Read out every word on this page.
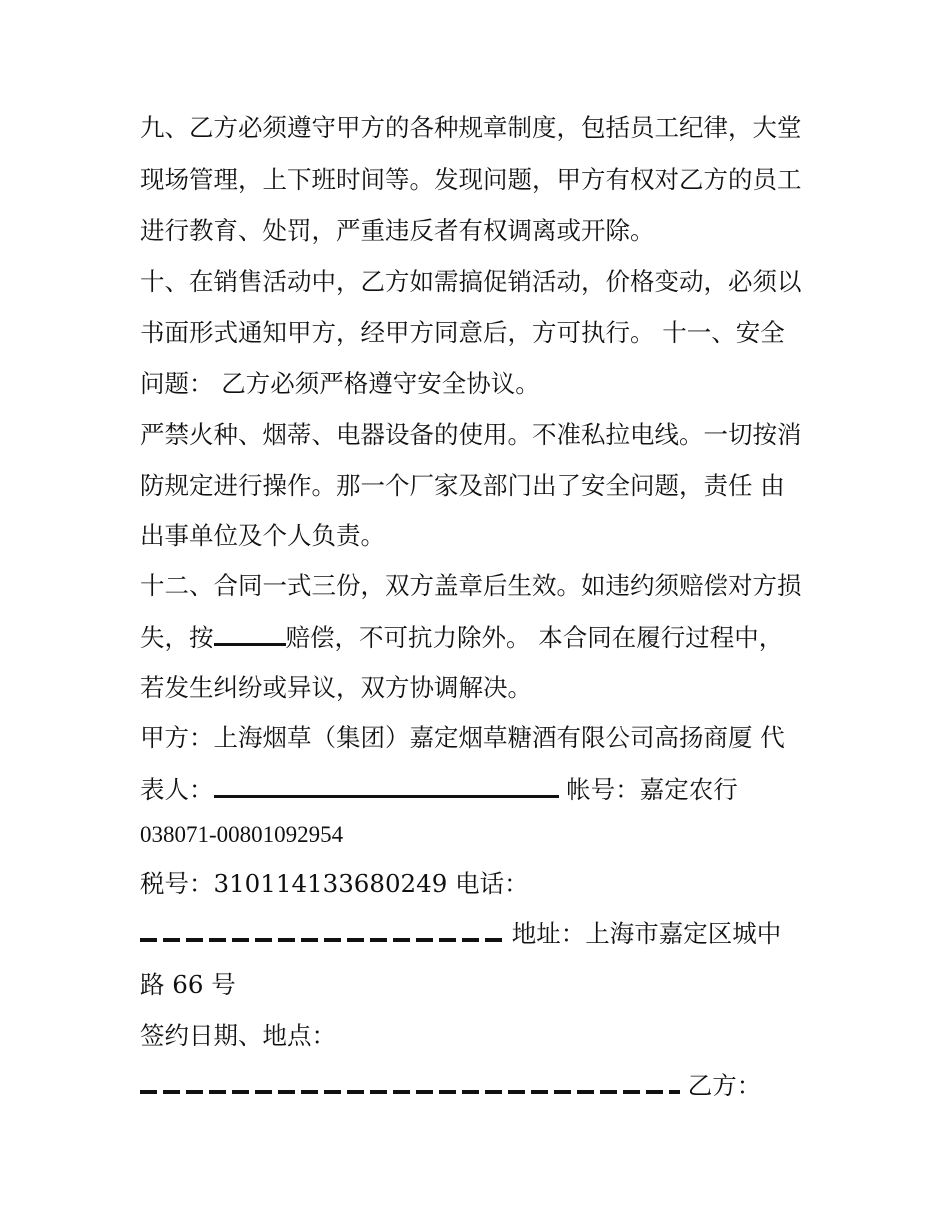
九、乙方必须遵守甲方的各种规章制度，包括员工纪律，大堂
现场管理，上下班时间等。发现问题，甲方有权对乙方的员工
进行教育、处罚，严重违反者有权调离或开除。
十、在销售活动中，乙方如需搞促销活动，价格变动，必须以
书面形式通知甲方，经甲方同意后，方可执行。 十一、安全
问题： 乙方必须严格遵守安全协议。
严禁火种、烟蒂、电器设备的使用。不准私拉电线。一切按消
防规定进行操作。那一个厂家及部门出了安全问题，责任 由
出事单位及个人负责。
十二、合同一式三份，双方盖章后生效。如违约须赔偿对方损
失，按	赔偿，不可抗力除外。 本合同在履行过程中，
若发生纠纷或异议，双方协调解决。
甲方：上海烟草（集团）嘉定烟草糖酒有限公司高扬商厦 代
表人：	帐号：嘉定农行
038071-00801092954
税号：310114133680249 电话：
地址：上海市嘉定区城中
路 66 号
签约日期、地点：
乙方：
